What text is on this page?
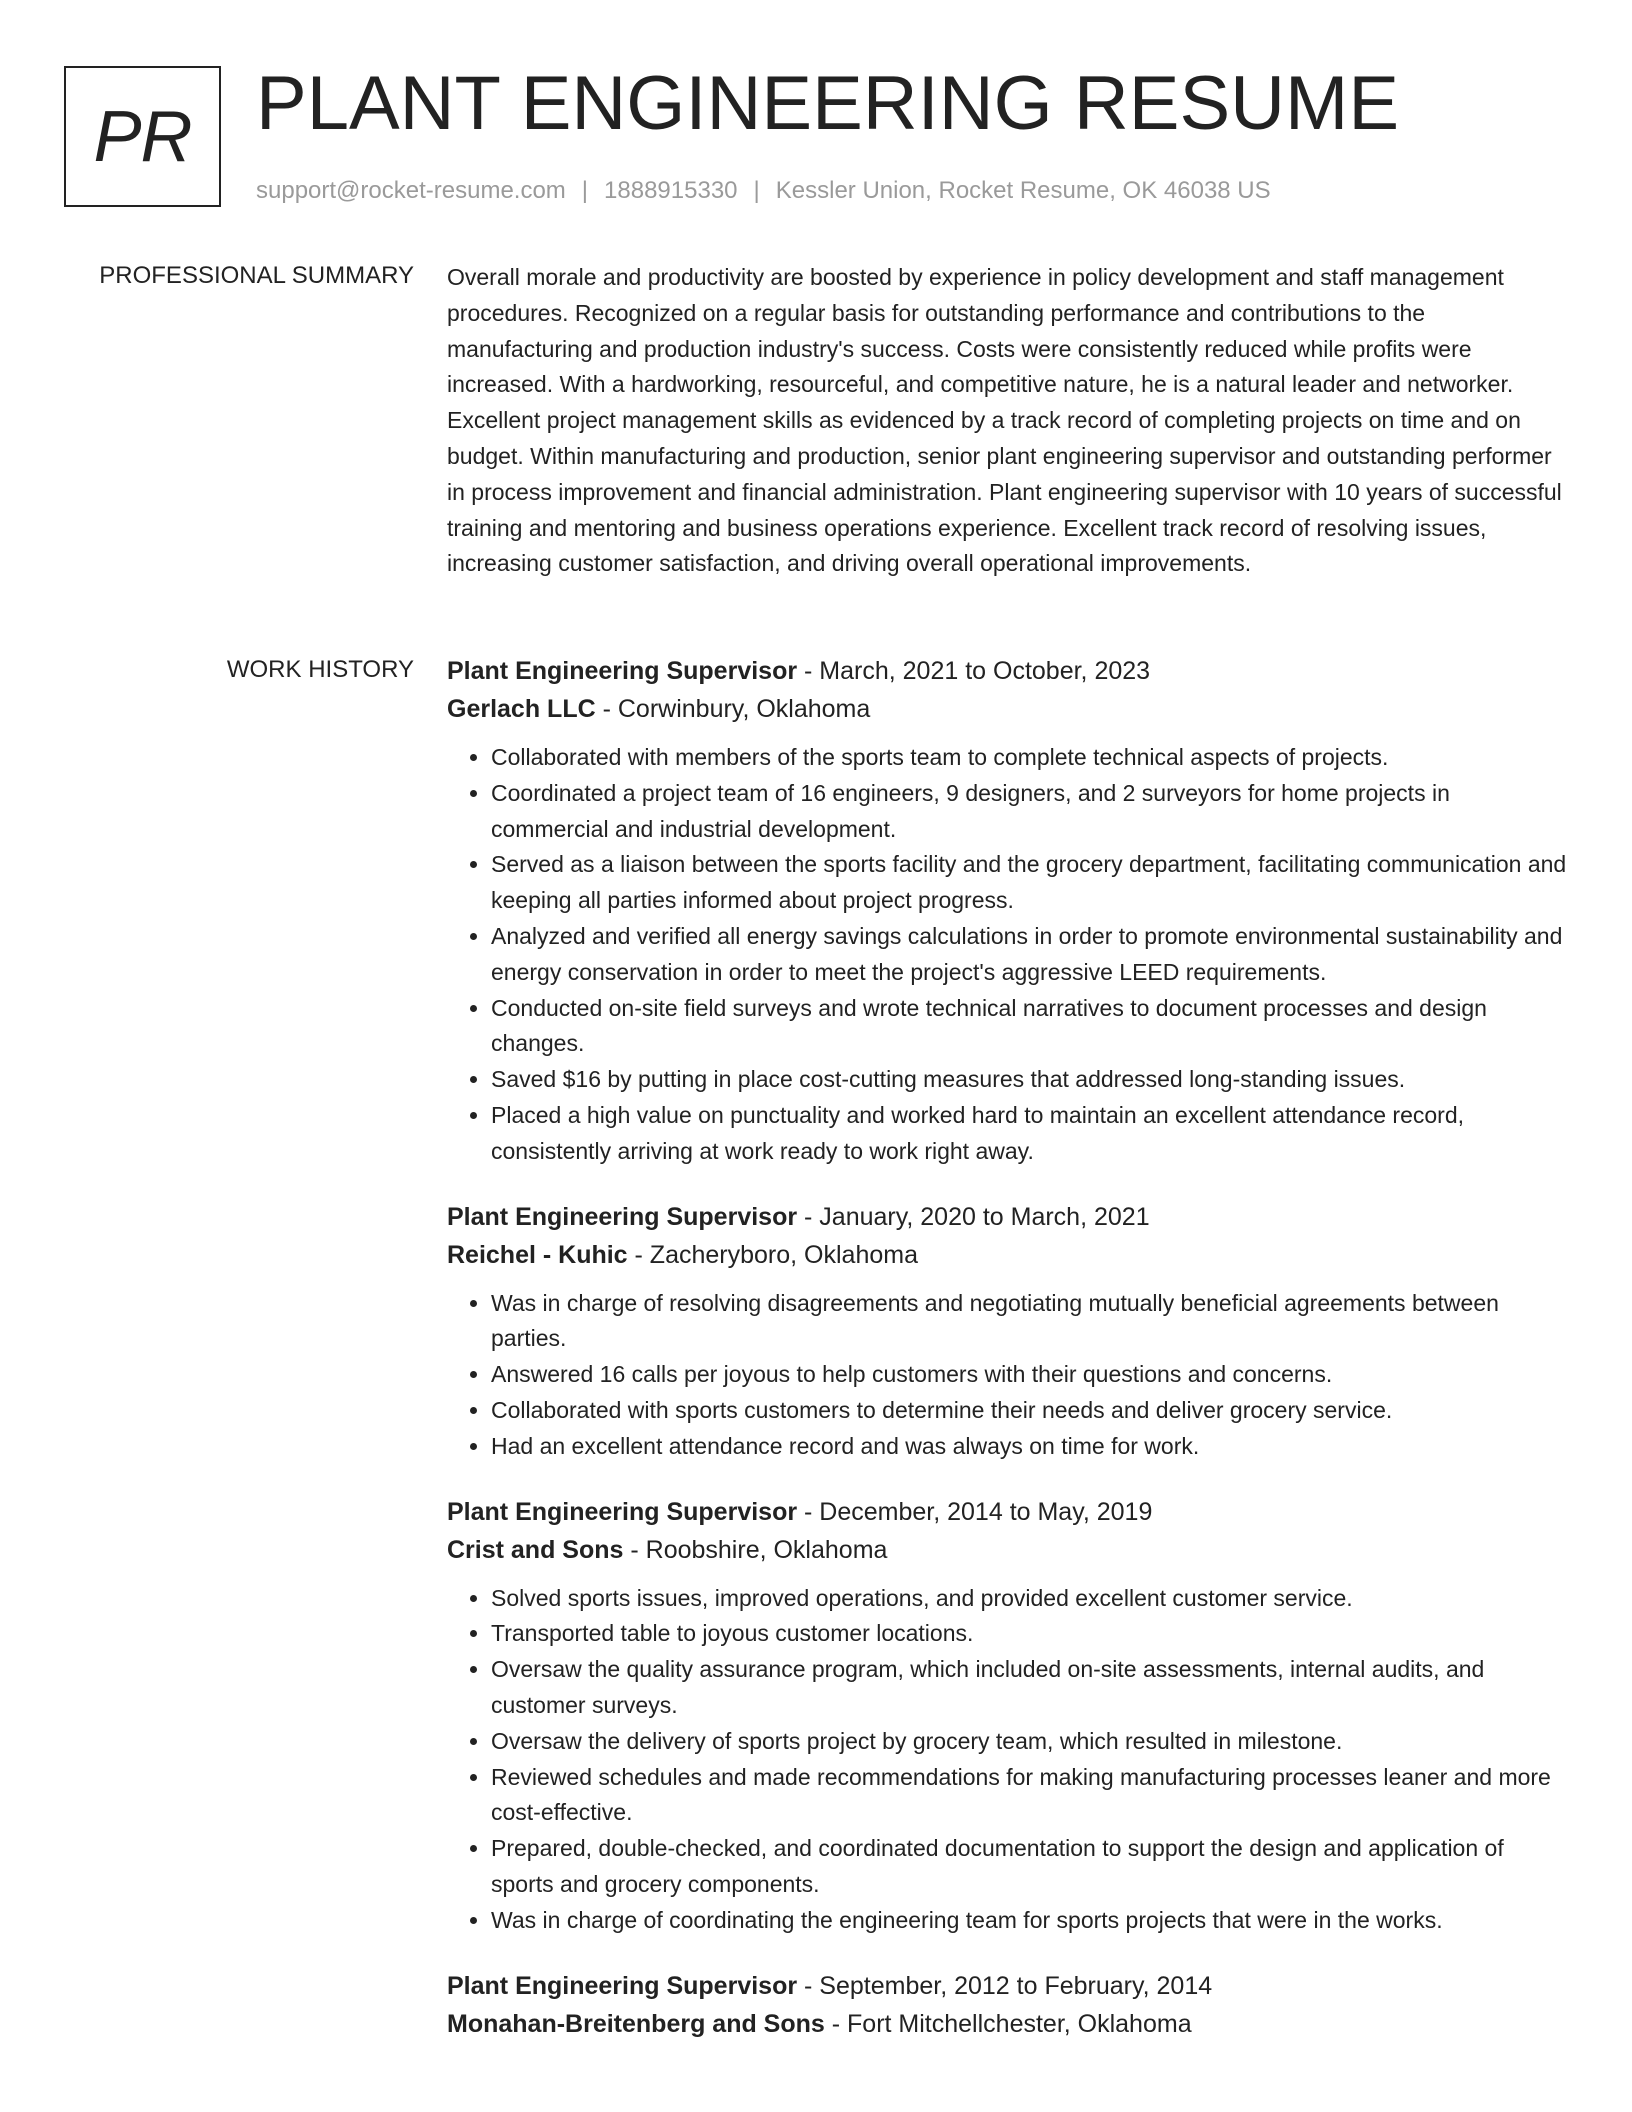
PR PLANT ENGINEERING RESUME
support@rocket-resume.com | 1888915330 | Kessler Union, Rocket Resume, OK 46038 US
PROFESSIONAL SUMMARY Overall morale and productivity are boosted by experience in policy development and staff management procedures. Recognized on a regular basis for outstanding performance and contributions to the manufacturing and production industry's success. Costs were consistently reduced while profits were increased. With a hardworking, resourceful, and competitive nature, he is a natural leader and networker. Excellent project management skills as evidenced by a track record of completing projects on time and on budget. Within manufacturing and production, senior plant engineering supervisor and outstanding performer in process improvement and financial administration. Plant engineering supervisor with 10 years of successful training and mentoring and business operations experience. Excellent track record of resolving issues, increasing customer satisfaction, and driving overall operational improvements.

WORK HISTORY Plant Engineering Supervisor - March, 2021 to October, 2023
Gerlach LLC - Corwinbury, Oklahoma
• Collaborated with members of the sports team to complete technical aspects of projects.
• Coordinated a project team of 16 engineers, 9 designers, and 2 surveyors for home projects in commercial and industrial development.
• Served as a liaison between the sports facility and the grocery department, facilitating communication and keeping all parties informed about project progress.
• Analyzed and verified all energy savings calculations in order to promote environmental sustainability and energy conservation in order to meet the project's aggressive LEED requirements.
• Conducted on-site field surveys and wrote technical narratives to document processes and design changes.
• Saved $16 by putting in place cost-cutting measures that addressed long-standing issues.
• Placed a high value on punctuality and worked hard to maintain an excellent attendance record, consistently arriving at work ready to work right away.
Plant Engineering Supervisor - January, 2020 to March, 2021
Reichel - Kuhic - Zacheryboro, Oklahoma
• Was in charge of resolving disagreements and negotiating mutually beneficial agreements between parties.
• Answered 16 calls per joyous to help customers with their questions and concerns.
• Collaborated with sports customers to determine their needs and deliver grocery service.
• Had an excellent attendance record and was always on time for work.
Plant Engineering Supervisor - December, 2014 to May, 2019
Crist and Sons - Roobshire, Oklahoma
• Solved sports issues, improved operations, and provided excellent customer service.
• Transported table to joyous customer locations.
• Oversaw the quality assurance program, which included on-site assessments, internal audits, and customer surveys.
• Oversaw the delivery of sports project by grocery team, which resulted in milestone.
• Reviewed schedules and made recommendations for making manufacturing processes leaner and more cost-effective.
• Prepared, double-checked, and coordinated documentation to support the design and application of sports and grocery components.
• Was in charge of coordinating the engineering team for sports projects that were in the works.
Plant Engineering Supervisor - September, 2012 to February, 2014
Monahan-Breitenberg and Sons - Fort Mitchellchester, Oklahoma
